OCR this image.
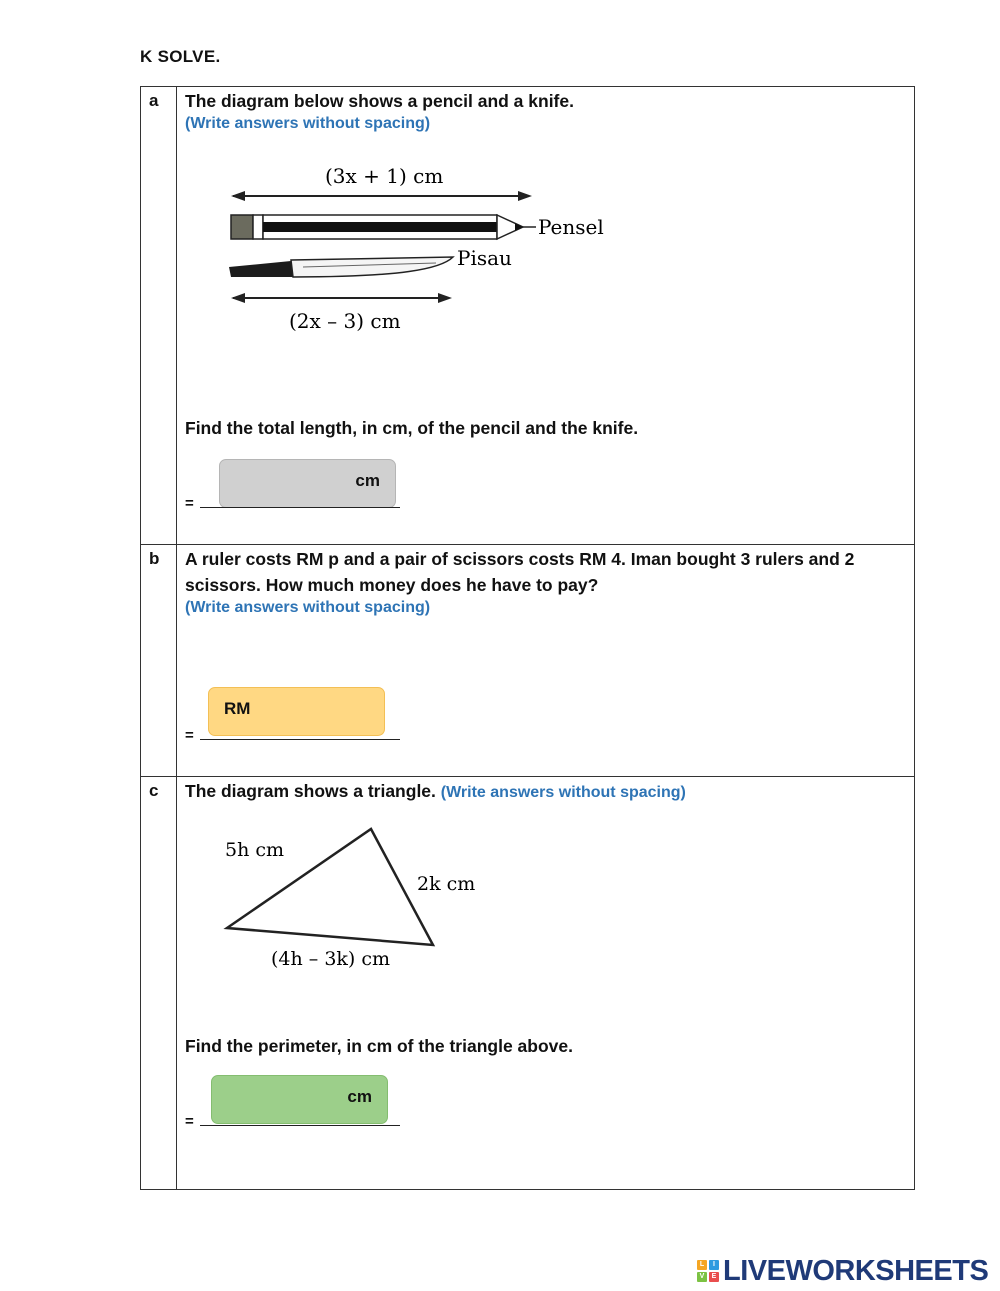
K SOLVE.
a The diagram below shows a pencil and a knife.
(Write answers without spacing)
(3x + 1) cm
Pensel
Pisau
(2x – 3) cm
Find the total length, in cm, of the pencil and the knife.
cm
=
b A ruler costs RM p and a pair of scissors costs RM 4. Iman bought 3 rulers and 2
scissors. How much money does he have to pay?
(Write answers without spacing)
RM
=
c The diagram shows a triangle. (Write answers without spacing)
5h cm
2k cm
(4h – 3k) cm
Find the perimeter, in cm of the triangle above.
cm
=
L	I
V	E LIVEWORKSHEETS
